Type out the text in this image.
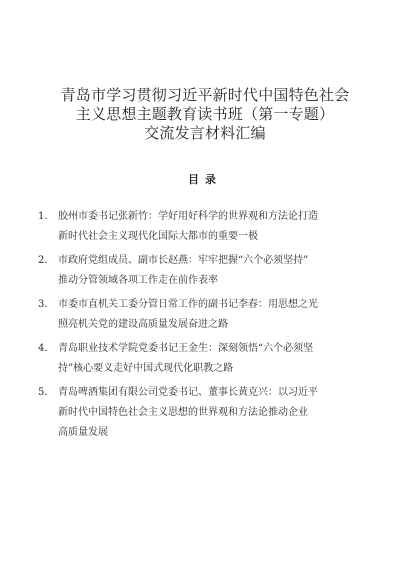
青岛市学习贯彻习近平新时代中国特色社会
主义思想主题教育读书班（第一专题）
交流发言材料汇编
目录
1． 胶州市委书记张新竹：学好用好科学的世界观和方法论打造
新时代社会主义现代化国际大都市的重要一极
2． 市政府党组成员、副市长赵燕：牢牢把握“六个必须坚持”
推动分管领域各项工作走在前作表率
3． 市委市直机关工委分管日常工作的副书记李春：用思想之光
照亮机关党的建设高质量发展奋进之路
4． 青岛职业技术学院党委书记王金生：深刻领悟“六个必须坚
持”核心要义走好中国式现代化职教之路
5． 青岛啤酒集团有限公司党委书记、董事长黄克兴：以习近平
新时代中国特色社会主义思想的世界观和方法论推动企业
高质量发展
